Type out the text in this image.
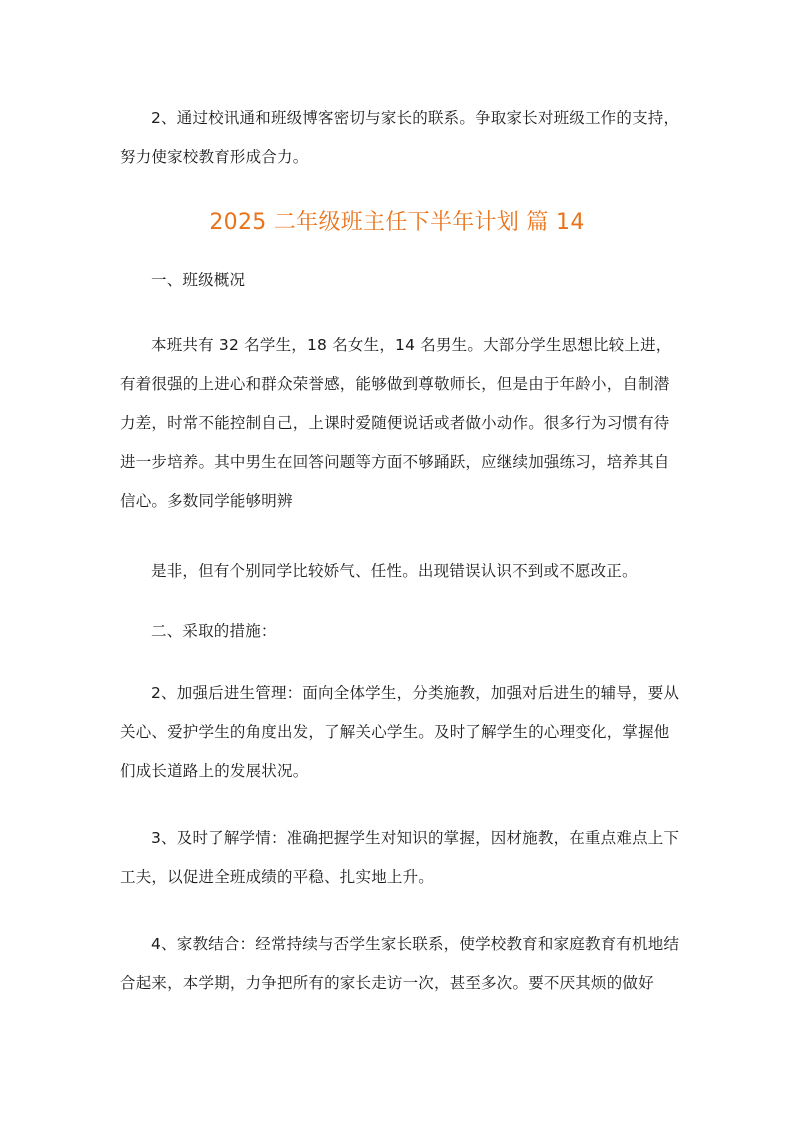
2、通过校讯通和班级博客密切与家长的联系。争取家长对班级工作的支持，努力使家校教育形成合力。

2025 二年级班主任下半年计划 篇 14

一、班级概况

本班共有 32 名学生，18 名女生，14 名男生。大部分学生思想比较上进，有着很强的上进心和群众荣誉感，能够做到尊敬师长，但是由于年龄小，自制潜力差，时常不能控制自己，上课时爱随便说话或者做小动作。很多行为习惯有待进一步培养。其中男生在回答问题等方面不够踊跃，应继续加强练习，培养其自信心。多数同学能够明辨

是非，但有个别同学比较娇气、任性。出现错误认识不到或不愿改正。

二、采取的措施：

2、加强后进生管理：面向全体学生，分类施教，加强对后进生的辅导，要从关心、爱护学生的角度出发，了解关心学生。及时了解学生的心理变化，掌握他们成长道路上的发展状况。

3、及时了解学情：准确把握学生对知识的掌握，因材施教，在重点难点上下工夫，以促进全班成绩的平稳、扎实地上升。

4、家教结合：经常持续与否学生家长联系，使学校教育和家庭教育有机地结合起来，本学期，力争把所有的家长走访一次，甚至多次。要不厌其烦的做好
